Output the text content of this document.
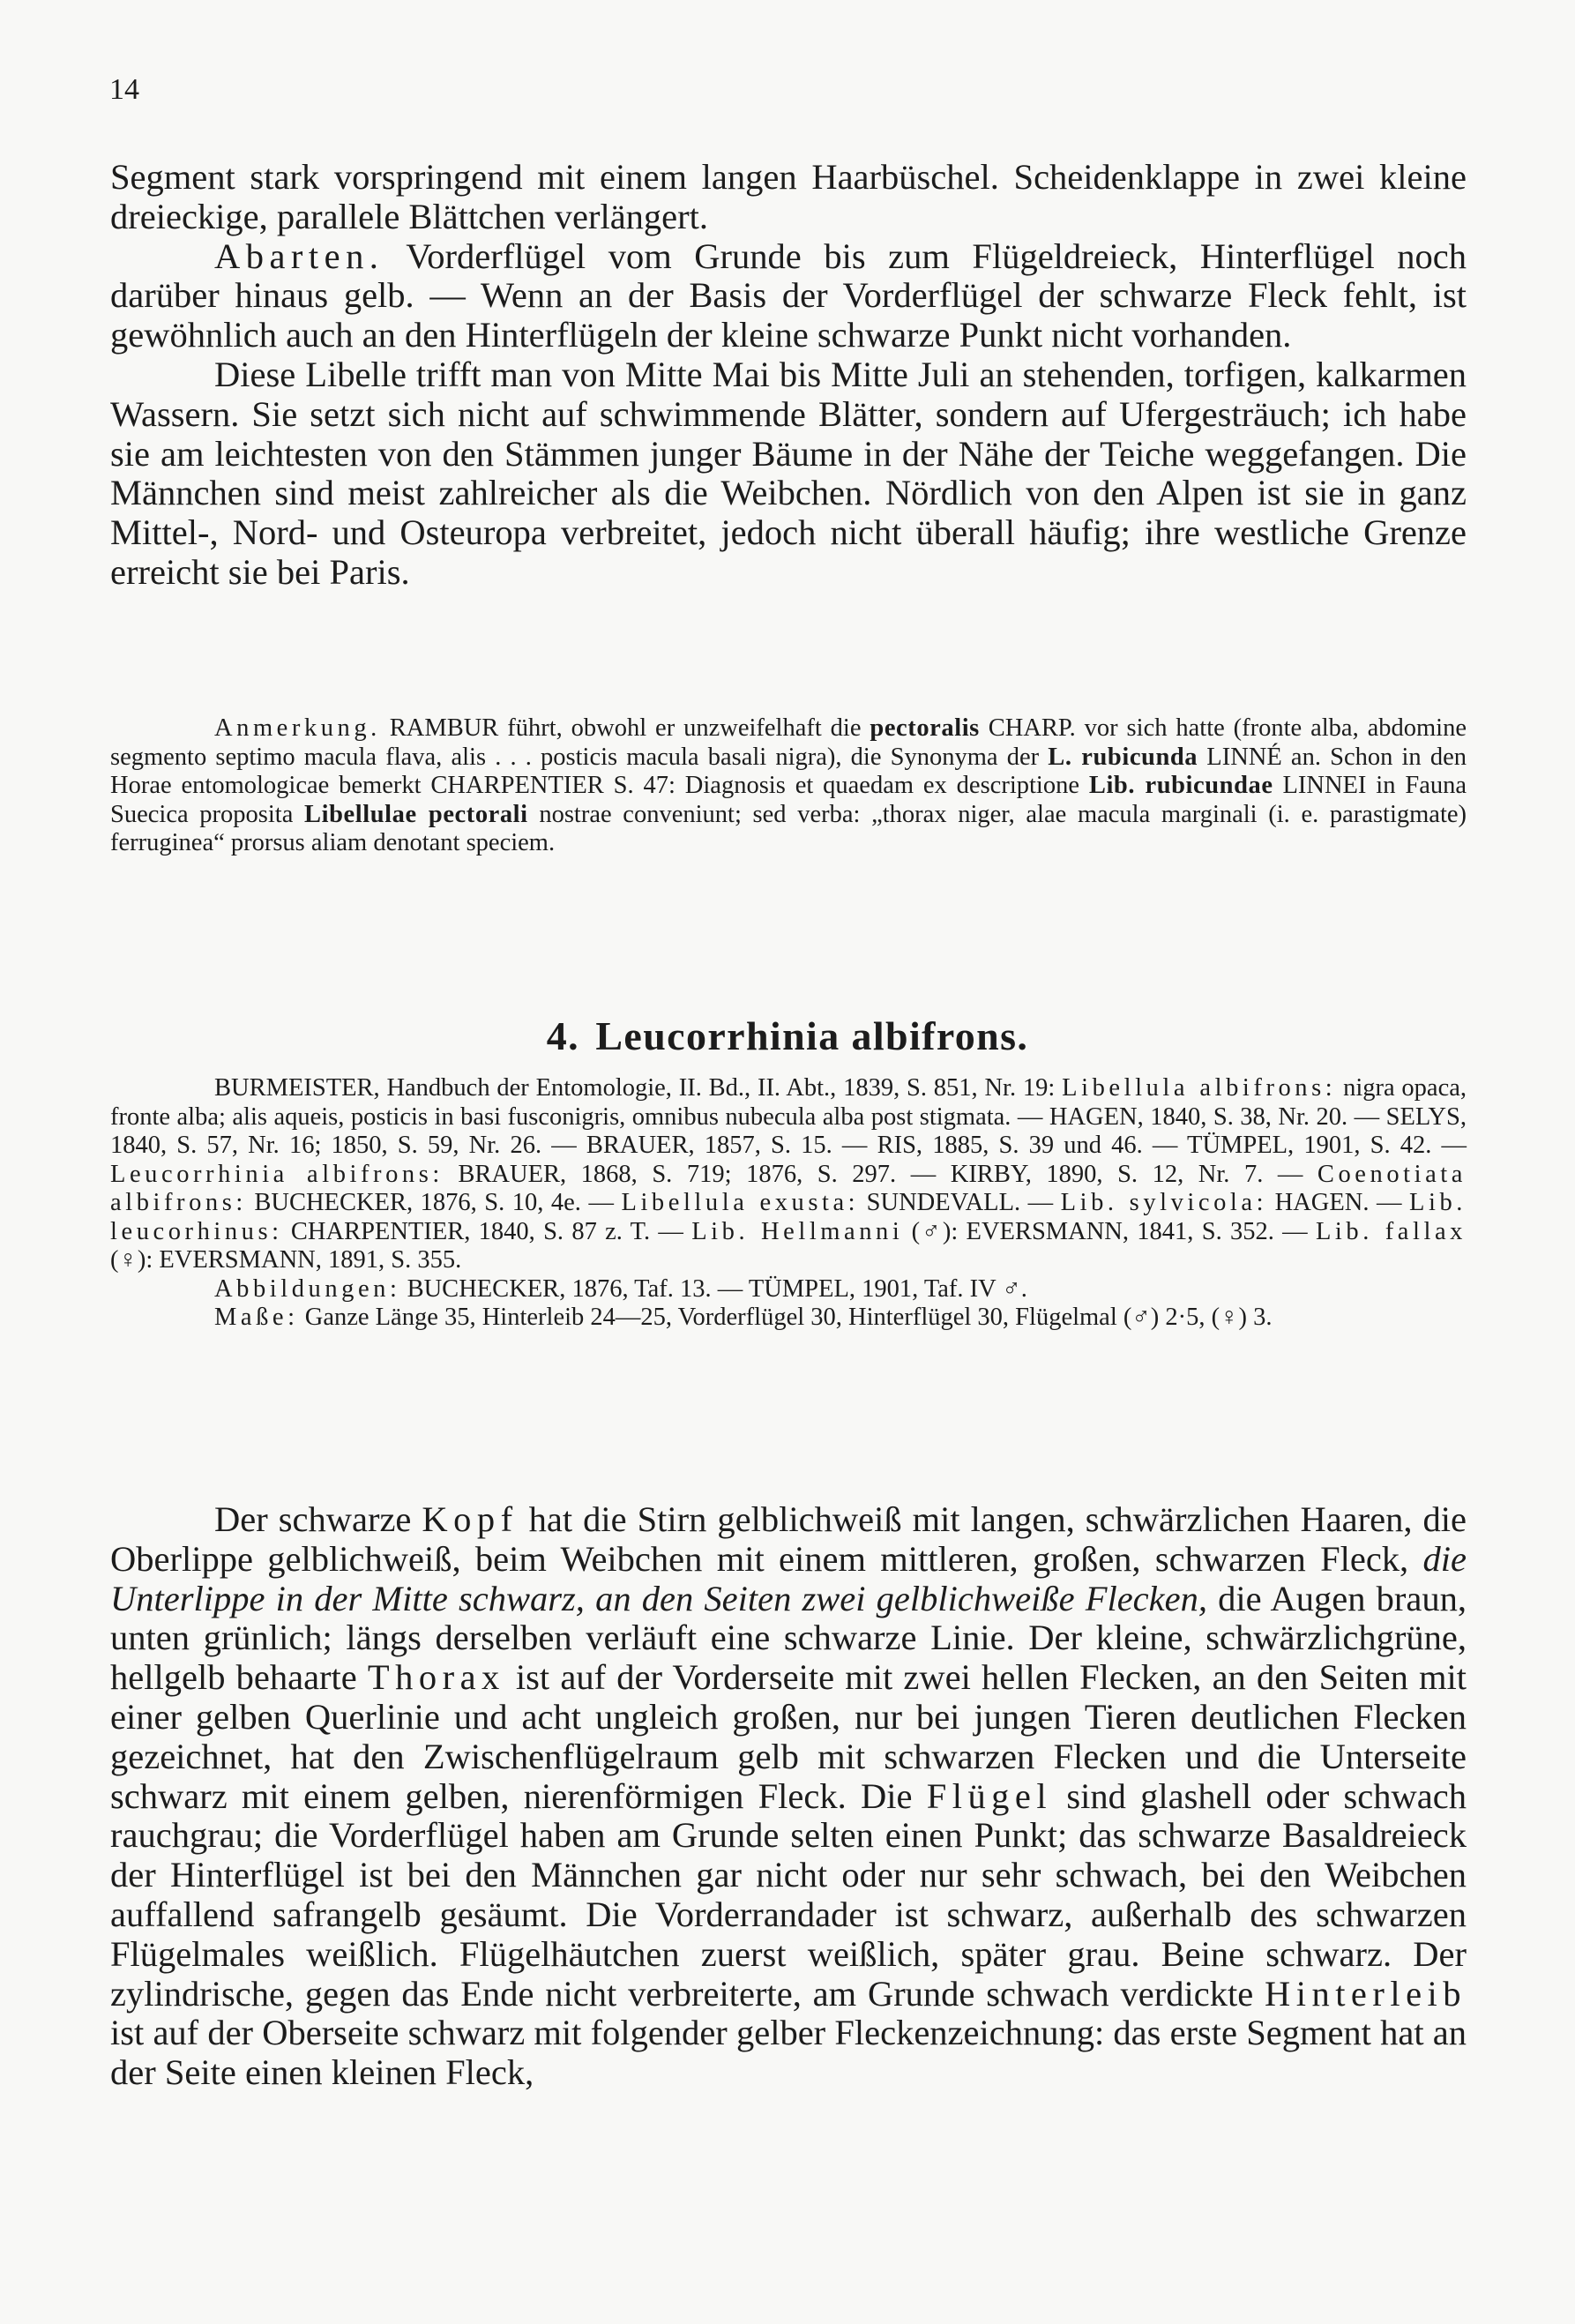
14

Segment stark vorspringend mit einem langen Haarbüschel. Scheidenklappe in zwei kleine dreieckige, parallele Blättchen verlängert.

Abarten. Vorderflügel vom Grunde bis zum Flügeldreieck, Hinterflügel noch darüber hinaus gelb. — Wenn an der Basis der Vorderflügel der schwarze Fleck fehlt, ist gewöhnlich auch an den Hinterflügeln der kleine schwarze Punkt nicht vorhanden.

Diese Libelle trifft man von Mitte Mai bis Mitte Juli an stehenden, torfigen, kalkarmen Wassern. Sie setzt sich nicht auf schwimmende Blätter, sondern auf Ufergesträuch; ich habe sie am leichtesten von den Stämmen junger Bäume in der Nähe der Teiche weggefangen. Die Männchen sind meist zahlreicher als die Weibchen. Nördlich von den Alpen ist sie in ganz Mittel-, Nord- und Osteuropa verbreitet, jedoch nicht überall häufig; ihre westliche Grenze erreicht sie bei Paris.

Anmerkung. RAMBUR führt, obwohl er unzweifelhaft die pectoralis CHARP. vor sich hatte (fronte alba, abdomine segmento septimo macula flava, alis . . . posticis macula basali nigra), die Synonyma der L. rubicunda LINNÉ an. Schon in den Horae entomologicae bemerkt CHARPENTIER S. 47: Diagnosis et quaedam ex descriptione Lib. rubicundae LINNEI in Fauna Suecica proposita Libellulae pectorali nostrae conveniunt; sed verba: „thorax niger, alae macula marginali (i. e. parastigmate) ferruginea“ prorsus aliam denotant speciem.

4. Leucorrhinia albifrons.

BURMEISTER, Handbuch der Entomologie, II. Bd., II. Abt., 1839, S. 851, Nr. 19: Libellula albifrons: nigra opaca, fronte alba; alis aqueis, posticis in basi fusconigris, omnibus nubecula alba post stigmata. — HAGEN, 1840, S. 38, Nr. 20. — SELYS, 1840, S. 57, Nr. 16; 1850, S. 59, Nr. 26. — BRAUER, 1857, S. 15. — RIS, 1885, S. 39 und 46. — TÜMPEL, 1901, S. 42. — Leucorrhinia albifrons: BRAUER, 1868, S. 719; 1876, S. 297. — KIRBY, 1890, S. 12, Nr. 7. — Coenotiata albifrons: BUCHECKER, 1876, S. 10, 4e. — Libellula exusta: SUNDEVALL. — Lib. sylvicola: HAGEN. — Lib. leucorhinus: CHARPENTIER, 1840, S. 87 z. T. — Lib. Hellmanni (♂): EVERSMANN, 1841, S. 352. — Lib. fallax (♀): EVERSMANN, 1891, S. 355.

Abbildungen: BUCHECKER, 1876, Taf. 13. — TÜMPEL, 1901, Taf. IV ♂.

Maße: Ganze Länge 35, Hinterleib 24—25, Vorderflügel 30, Hinterflügel 30, Flügelmal (♂) 2·5, (♀) 3.

Der schwarze Kopf hat die Stirn gelblichweiß mit langen, schwärzlichen Haaren, die Oberlippe gelblichweiß, beim Weibchen mit einem mittleren, großen, schwarzen Fleck, die Unterlippe in der Mitte schwarz, an den Seiten zwei gelblichweiße Flecken, die Augen braun, unten grünlich; längs derselben verläuft eine schwarze Linie. Der kleine, schwärzlichgrüne, hellgelb behaarte Thorax ist auf der Vorderseite mit zwei hellen Flecken, an den Seiten mit einer gelben Querlinie und acht ungleich großen, nur bei jungen Tieren deutlichen Flecken gezeichnet, hat den Zwischenflügelraum gelb mit schwarzen Flecken und die Unterseite schwarz mit einem gelben, nierenförmigen Fleck. Die Flügel sind glashell oder schwach rauchgrau; die Vorderflügel haben am Grunde selten einen Punkt; das schwarze Basaldreieck der Hinterflügel ist bei den Männchen gar nicht oder nur sehr schwach, bei den Weibchen auffallend safrangelb gesäumt. Die Vorderrandader ist schwarz, außerhalb des schwarzen Flügelmales weißlich. Flügelhäutchen zuerst weißlich, später grau. Beine schwarz. Der zylindrische, gegen das Ende nicht verbreiterte, am Grunde schwach verdickte Hinterleib ist auf der Oberseite schwarz mit folgender gelber Fleckenzeichnung: das erste Segment hat an der Seite einen kleinen Fleck,
